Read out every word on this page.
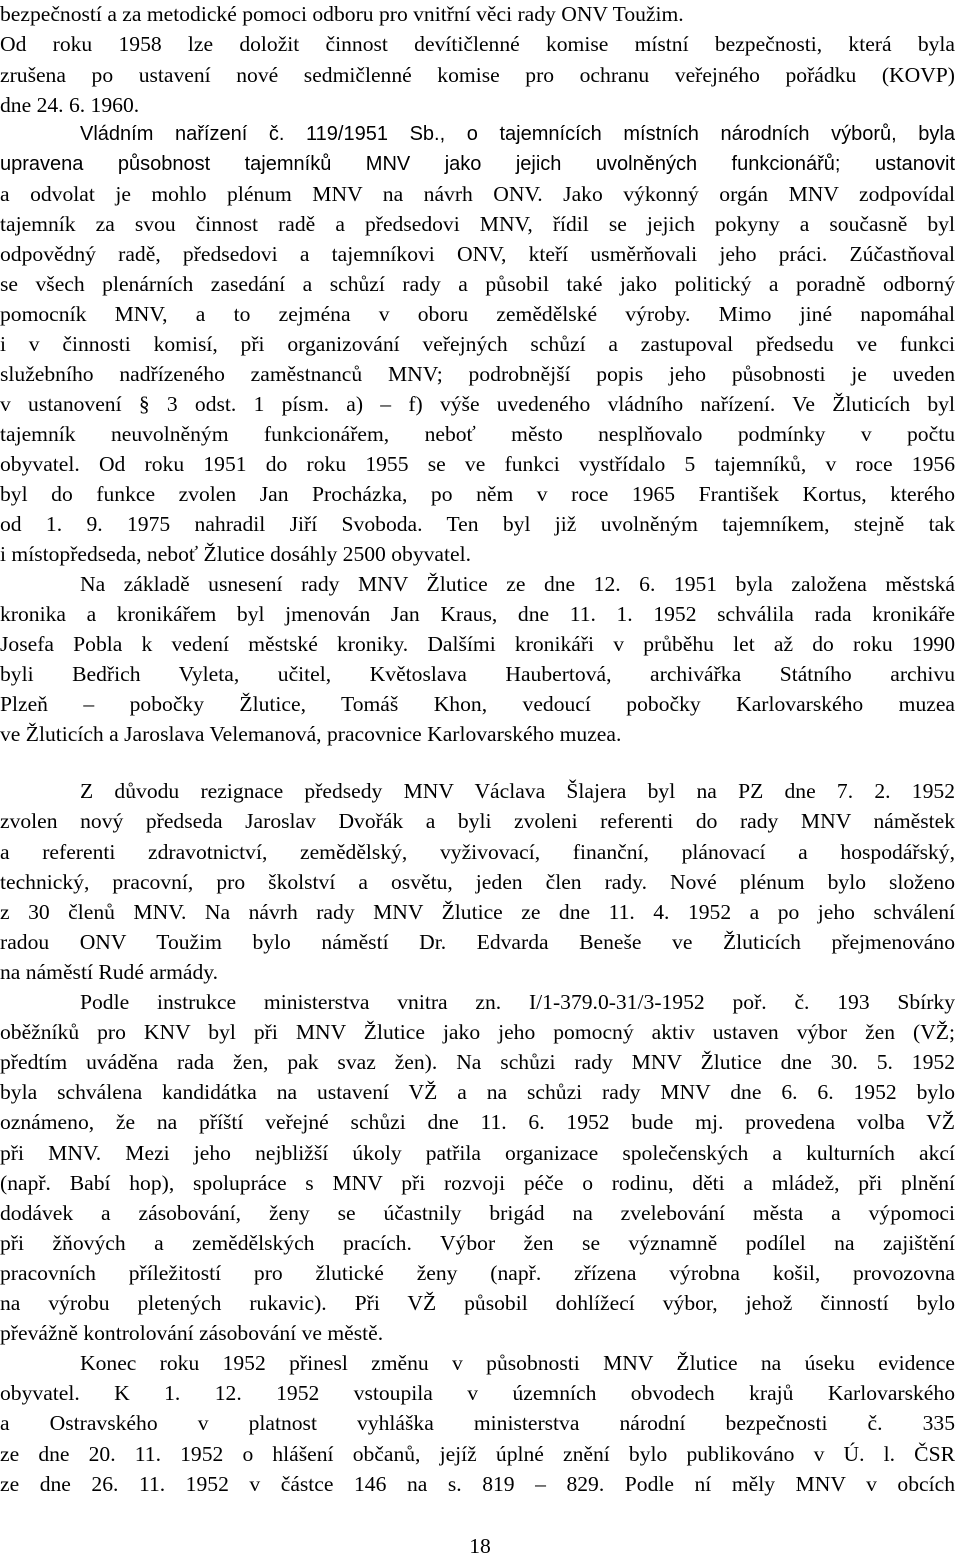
bezpečností a za metodické pomoci odboru pro vnitřní věci rady ONV Toužim.
Od roku 1958 lze doložit činnost devítičlenné komise místní bezpečnosti, která byla
zrušena po ustavení nové sedmičlenné komise pro ochranu veřejného pořádku (KOVP)
dne 24. 6. 1960.
Vládním nařízení č. 119/1951 Sb., o tajemnících místních národních výborů, byla
upravena působnost tajemníků MNV jako jejich uvolněných funkcionářů; ustanovit
a odvolat je mohlo plénum MNV na návrh ONV. Jako výkonný orgán MNV zodpovídal
tajemník za svou činnost radě a předsedovi MNV, řídil se jejich pokyny a současně byl
odpovědný radě, předsedovi a tajemníkovi ONV, kteří usměrňovali jeho práci. Zúčastňoval
se všech plenárních zasedání a schůzí rady a působil také jako politický a poradně odborný
pomocník MNV, a to zejména v oboru zemědělské výroby. Mimo jiné napomáhal
i v činnosti komisí, při organizování veřejných schůzí a zastupoval předsedu ve funkci
služebního nadřízeného zaměstnanců MNV; podrobnější popis jeho působnosti je uveden
v ustanovení § 3 odst. 1 písm. a) – f) výše uvedeného vládního nařízení. Ve Žluticích byl
tajemník neuvolněným funkcionářem, neboť město nesplňovalo podmínky v počtu
obyvatel. Od roku 1951 do roku 1955 se ve funkci vystřídalo 5 tajemníků, v roce 1956
byl do funkce zvolen Jan Procházka, po něm v roce 1965 František Kortus, kterého
od 1. 9. 1975 nahradil Jiří Svoboda. Ten byl již uvolněným tajemníkem, stejně tak
i místopředseda, neboť Žlutice dosáhly 2500 obyvatel.
Na základě usnesení rady MNV Žlutice ze dne 12. 6. 1951 byla založena městská
kronika a kronikářem byl jmenován Jan Kraus, dne 11. 1. 1952 schválila rada kronikáře
Josefa Pobla k vedení městské kroniky. Dalšími kronikáři v průběhu let až do roku 1990
byli Bedřich Vyleta, učitel, Květoslava Haubertová, archivářka Státního archivu
Plzeň – pobočky Žlutice, Tomáš Khon, vedoucí pobočky Karlovarského muzea
ve Žluticích a Jaroslava Velemanová, pracovnice Karlovarského muzea.
Z důvodu rezignace předsedy MNV Václava Šlajera byl na PZ dne 7. 2. 1952
zvolen nový předseda Jaroslav Dvořák a byli zvoleni referenti do rady MNV náměstek
a referenti zdravotnictví, zemědělský, vyživovací, finanční, plánovací a hospodářský,
technický, pracovní, pro školství a osvětu, jeden člen rady. Nové plénum bylo složeno
z 30 členů MNV. Na návrh rady MNV Žlutice ze dne 11. 4. 1952 a po jeho schválení
radou ONV Toužim bylo náměstí Dr. Edvarda Beneše ve Žluticích přejmenováno
na náměstí Rudé armády.
Podle instrukce ministerstva vnitra zn. I/1-379.0-31/3-1952 poř. č. 193 Sbírky
oběžníků pro KNV byl při MNV Žlutice jako jeho pomocný aktiv ustaven výbor žen (VŽ;
předtím uváděna rada žen, pak svaz žen). Na schůzi rady MNV Žlutice dne 30. 5. 1952
byla schválena kandidátka na ustavení VŽ a na schůzi rady MNV dne 6. 6. 1952 bylo
oznámeno, že na příští veřejné schůzi dne 11. 6. 1952 bude mj. provedena volba VŽ
při MNV. Mezi jeho nejbližší úkoly patřila organizace společenských a kulturních akcí
(např. Babí hop), spolupráce s MNV při rozvoji péče o rodinu, děti a mládež, při plnění
dodávek a zásobování, ženy se účastnily brigád na zvelebování města a výpomoci
při žňových a zemědělských pracích. Výbor žen se významně podílel na zajištění
pracovních příležitostí pro žlutické ženy (např. zřízena výrobna košil, provozovna
na výrobu pletených rukavic). Při VŽ působil dohlížecí výbor, jehož činností bylo
převážně kontrolování zásobování ve městě.
Konec roku 1952 přinesl změnu v působnosti MNV Žlutice na úseku evidence
obyvatel. K 1. 12. 1952 vstoupila v územních obvodech krajů Karlovarského
a Ostravského v platnost vyhláška ministerstva národní bezpečnosti č. 335
ze dne 20. 11. 1952 o hlášení občanů, jejíž úplné znění bylo publikováno v Ú. l. ČSR
ze dne 26. 11. 1952 v částce 146 na s. 819 – 829. Podle ní měly MNV v obcích
18
